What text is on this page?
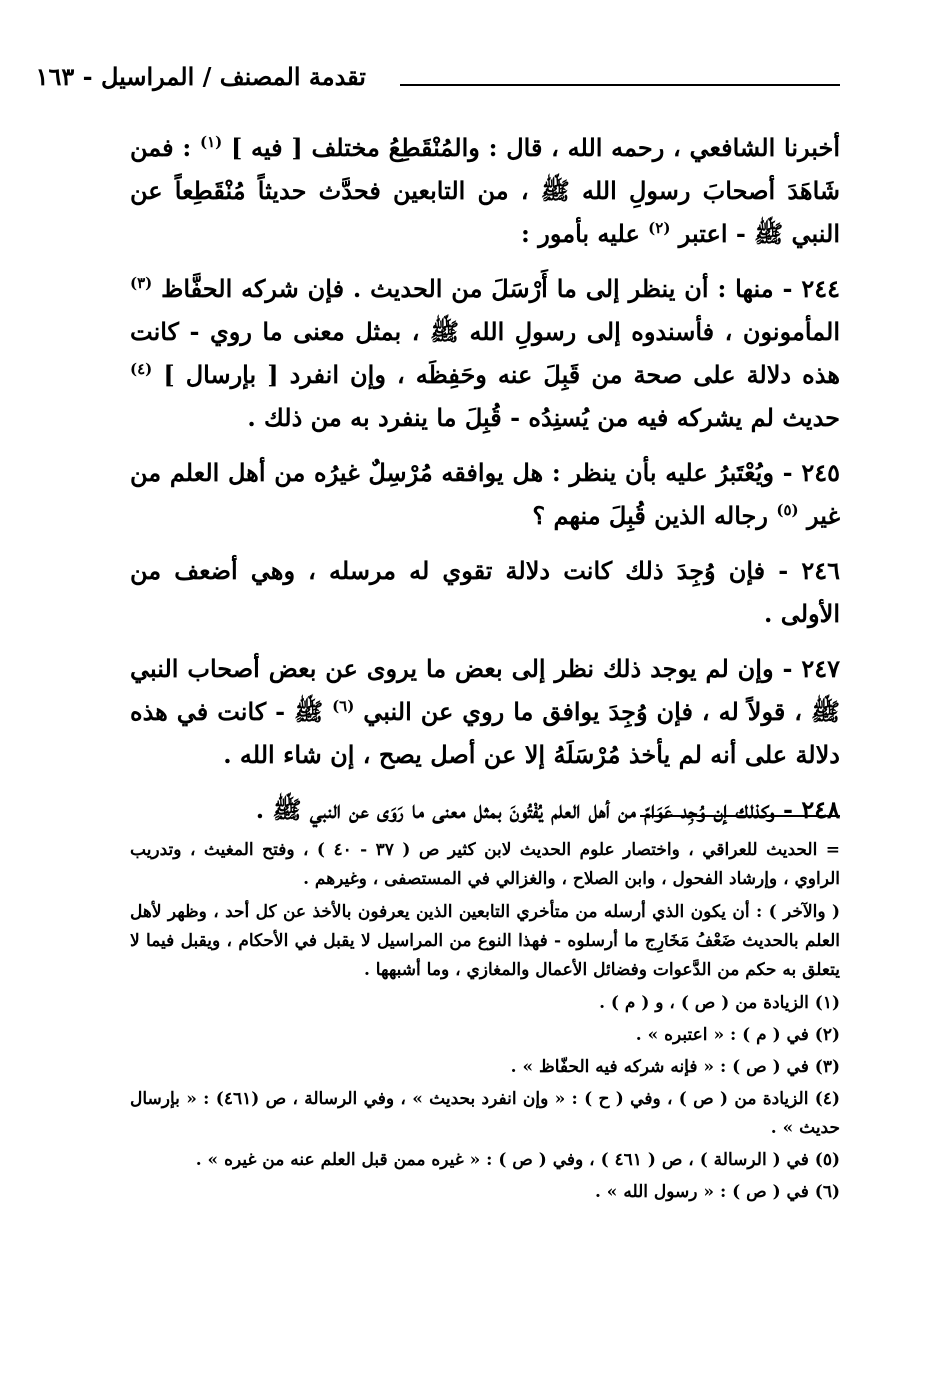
تقدمة المصنف / المراسيل - ١٦٣

أخبرنا الشافعي ، رحمه الله ، قال : والمُنْقَطِعُ مختلف [ فيه ] $^{(١)}$ : فمن شَاهَدَ أصحابَ رسولِ الله ﷺ ، من التابعين فحدَّث حديثاً مُنْقَطِعاً عن النبي ﷺ - اعتبر $^{(٢)}$ عليه بأمور :

٢٤٤ - منها : أن ينظر إلى ما أَرْسَلَ من الحديث . فإن شركه الحفَّاظ $^{(٣)}$ المأمونون ، فأسندوه إلى رسولِ الله ﷺ ، بمثل معنى ما روي - كانت هذه دلالة على صحة من قَبِلَ عنه وحَفِظَه ، وإن انفرد [ بإرسال ] $^{(٤)}$ حديث لم يشركه فيه من يُسنِدُه - قُبِلَ ما ينفرد به من ذلك .

٢٤٥ - ويُعْتَبرُ عليه بأن ينظر : هل يوافقه مُرْسِلٌ غيرُه من أهل العلم من غير $^{(٥)}$ رجاله الذين قُبِلَ منهم ؟

٢٤٦ - فإن وُجِدَ ذلك كانت دلالة تقوي له مرسله ، وهي أضعف من الأولى .

٢٤٧ - وإن لم يوجد ذلك نظر إلى بعض ما يروى عن بعض أصحاب النبي ﷺ ، قولاً له ، فإن وُجِدَ يوافق ما روي عن النبي $^{(٦)}$ ﷺ - كانت في هذه دلالة على أنه لم يأخذ مُرْسَلَهُ إلا عن أصل يصح ، إن شاء الله .

٢٤٨ - وكذلك إن وُجِد عَوَامّ من أهل العلم يُفْتُونَ بمثل معنى ما رَوَى عن النبي ﷺ .

= الحديث للعراقي ، واختصار علوم الحديث لابن كثير ص ( ٣٧ - ٤٠ ) ، وفتح المغيث ، وتدريب الراوي ، وإرشاد الفحول ، وابن الصلاح ، والغزالي في المستصفى ، وغيرهم .

( والآخر ) : أن يكون الذي أرسله من متأخري التابعين الذين يعرفون بالأخذ عن كل أحد ، وظهر لأهل العلم بالحديث ضَعْفُ مَخَارِج ما أرسلوه - فهذا النوع من المراسيل لا يقبل في الأحكام ، ويقبل فيما لا يتعلق به حكم من الدَّعوات وفضائل الأعمال والمغازي ، وما أشبهها .

(١) الزيادة من ( ص ) ، و ( م ) .

(٢) في ( م ) : « اعتبره » .

(٣) في ( ص ) : « فإنه شركه فيه الحفّاظ » .

(٤) الزيادة من ( ص ) ، وفي ( ح ) : « وإن انفرد بحديث » ، وفي الرسالة ، ص (٤٦١) : « بإرسال حديث » .

(٥) في ( الرسالة ) ، ص ( ٤٦١ ) ، وفي ( ص ) : « غيره ممن قبل العلم عنه من غيره » .

(٦) في ( ص ) : « رسول الله » .
